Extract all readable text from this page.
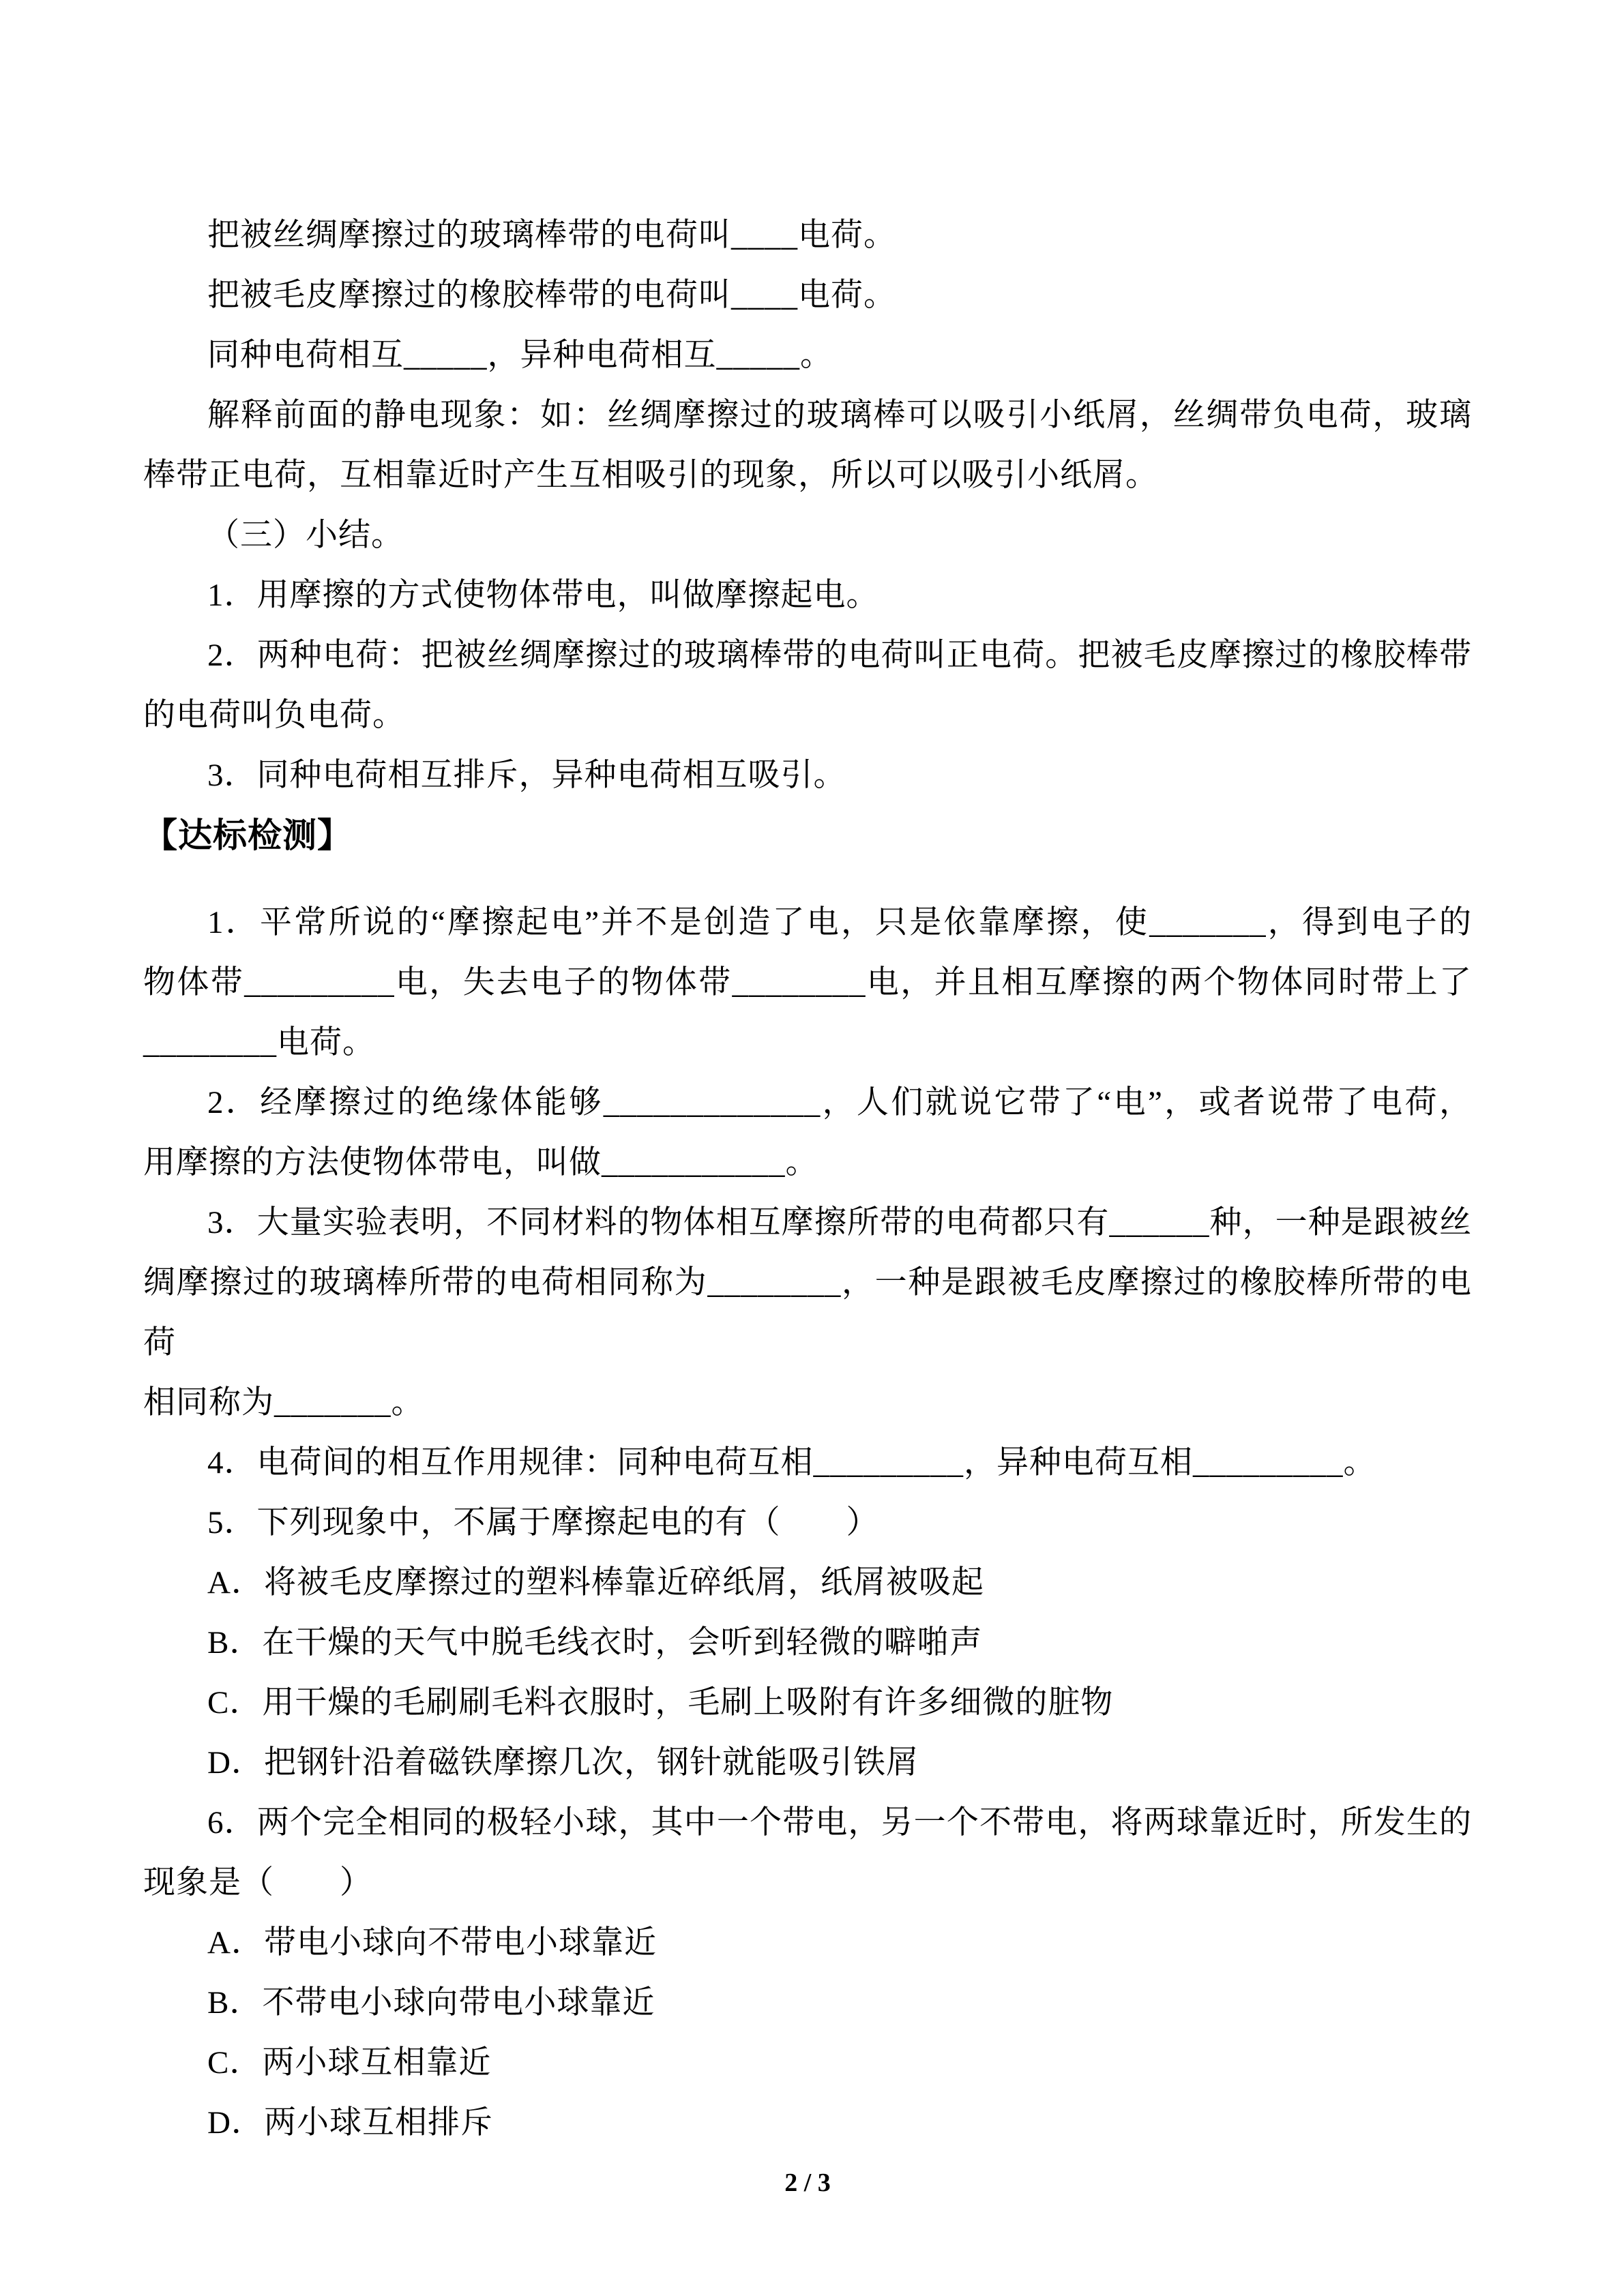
把被丝绸摩擦过的玻璃棒带的电荷叫____电荷。
把被毛皮摩擦过的橡胶棒带的电荷叫____电荷。
同种电荷相互_____，异种电荷相互_____。
解释前面的静电现象：如：丝绸摩擦过的玻璃棒可以吸引小纸屑，丝绸带负电荷，玻璃
棒带正电荷，互相靠近时产生互相吸引的现象，所以可以吸引小纸屑。
（三）小结。
1．用摩擦的方式使物体带电，叫做摩擦起电。
2．两种电荷：把被丝绸摩擦过的玻璃棒带的电荷叫正电荷。把被毛皮摩擦过的橡胶棒带
的电荷叫负电荷。
3．同种电荷相互排斥，异种电荷相互吸引。
【达标检测】
1．平常所说的“摩擦起电”并不是创造了电，只是依靠摩擦，使_______，得到电子的
物体带_________电，失去电子的物体带________电，并且相互摩擦的两个物体同时带上了
________电荷。
2．经摩擦过的绝缘体能够_____________，人们就说它带了“电”，或者说带了电荷，
用摩擦的方法使物体带电，叫做___________。
3．大量实验表明，不同材料的物体相互摩擦所带的电荷都只有______种，一种是跟被丝
绸摩擦过的玻璃棒所带的电荷相同称为________，一种是跟被毛皮摩擦过的橡胶棒所带的电荷
相同称为_______。
4．电荷间的相互作用规律：同种电荷互相_________，异种电荷互相_________。
5．下列现象中，不属于摩擦起电的有（　　）
A．将被毛皮摩擦过的塑料棒靠近碎纸屑，纸屑被吸起
B．在干燥的天气中脱毛线衣时，会听到轻微的噼啪声
C．用干燥的毛刷刷毛料衣服时，毛刷上吸附有许多细微的脏物
D．把钢针沿着磁铁摩擦几次，钢针就能吸引铁屑
6．两个完全相同的极轻小球，其中一个带电，另一个不带电，将两球靠近时，所发生的
现象是（　　）
A．带电小球向不带电小球靠近
B．不带电小球向带电小球靠近
C．两小球互相靠近
D．两小球互相排斥
2 / 3
